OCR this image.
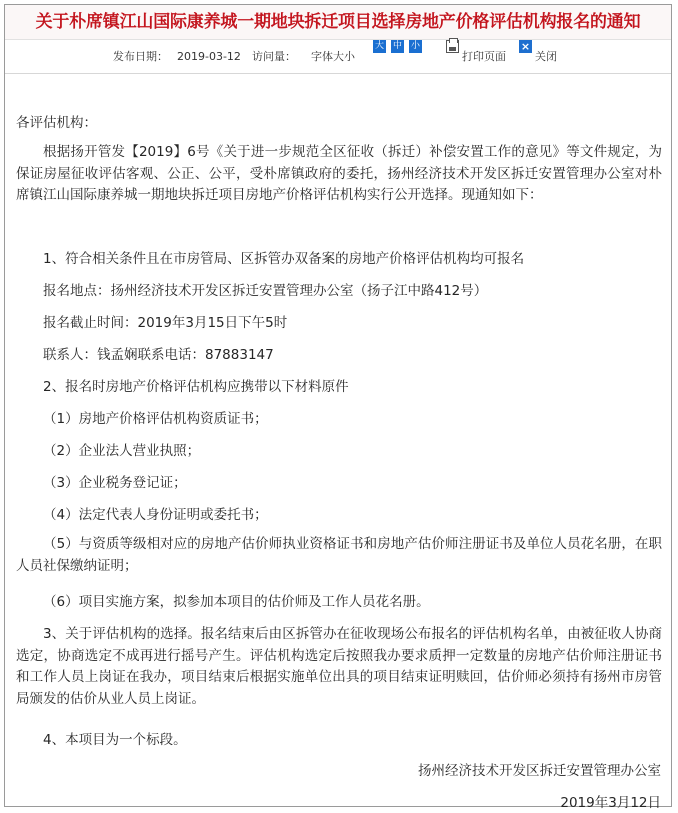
关于朴席镇江山国际康养城一期地块拆迁项目选择房地产价格评估机构报名的通知
发布日期： 2019-03-12 访问量： 字体大小
大 中 小
打印页面
×
关闭
各评估机构：
根据扬开管发【2019】6号《关于进一步规范全区征收（拆迁）补偿安置工作的意见》等文件规定，为保证房屋征收评估客观、公正、公平，受朴席镇政府的委托，扬州经济技术开发区拆迁安置管理办公室对朴席镇江山国际康养城一期地块拆迁项目房地产价格评估机构实行公开选择。现通知如下：
1、符合相关条件且在市房管局、区拆管办双备案的房地产价格评估机构均可报名
报名地点：扬州经济技术开发区拆迁安置管理办公室（扬子江中路412号）
报名截止时间：2019年3月15日下午5时
联系人：钱孟娴联系电话：87883147
2、报名时房地产价格评估机构应携带以下材料原件
（1）房地产价格评估机构资质证书；
（2）企业法人营业执照；
（3）企业税务登记证；
（4）法定代表人身份证明或委托书；
（5）与资质等级相对应的房地产估价师执业资格证书和房地产估价师注册证书及单位人员花名册，在职人员社保缴纳证明；
（6）项目实施方案，拟参加本项目的估价师及工作人员花名册。
3、关于评估机构的选择。报名结束后由区拆管办在征收现场公布报名的评估机构名单，由被征收人协商选定，协商选定不成再进行摇号产生。评估机构选定后按照我办要求质押一定数量的房地产估价师注册证书和工作人员上岗证在我办，项目结束后根据实施单位出具的项目结束证明赎回，估价师必须持有扬州市房管局颁发的估价从业人员上岗证。
4、本项目为一个标段。
扬州经济技术开发区拆迁安置管理办公室
2019年3月12日
